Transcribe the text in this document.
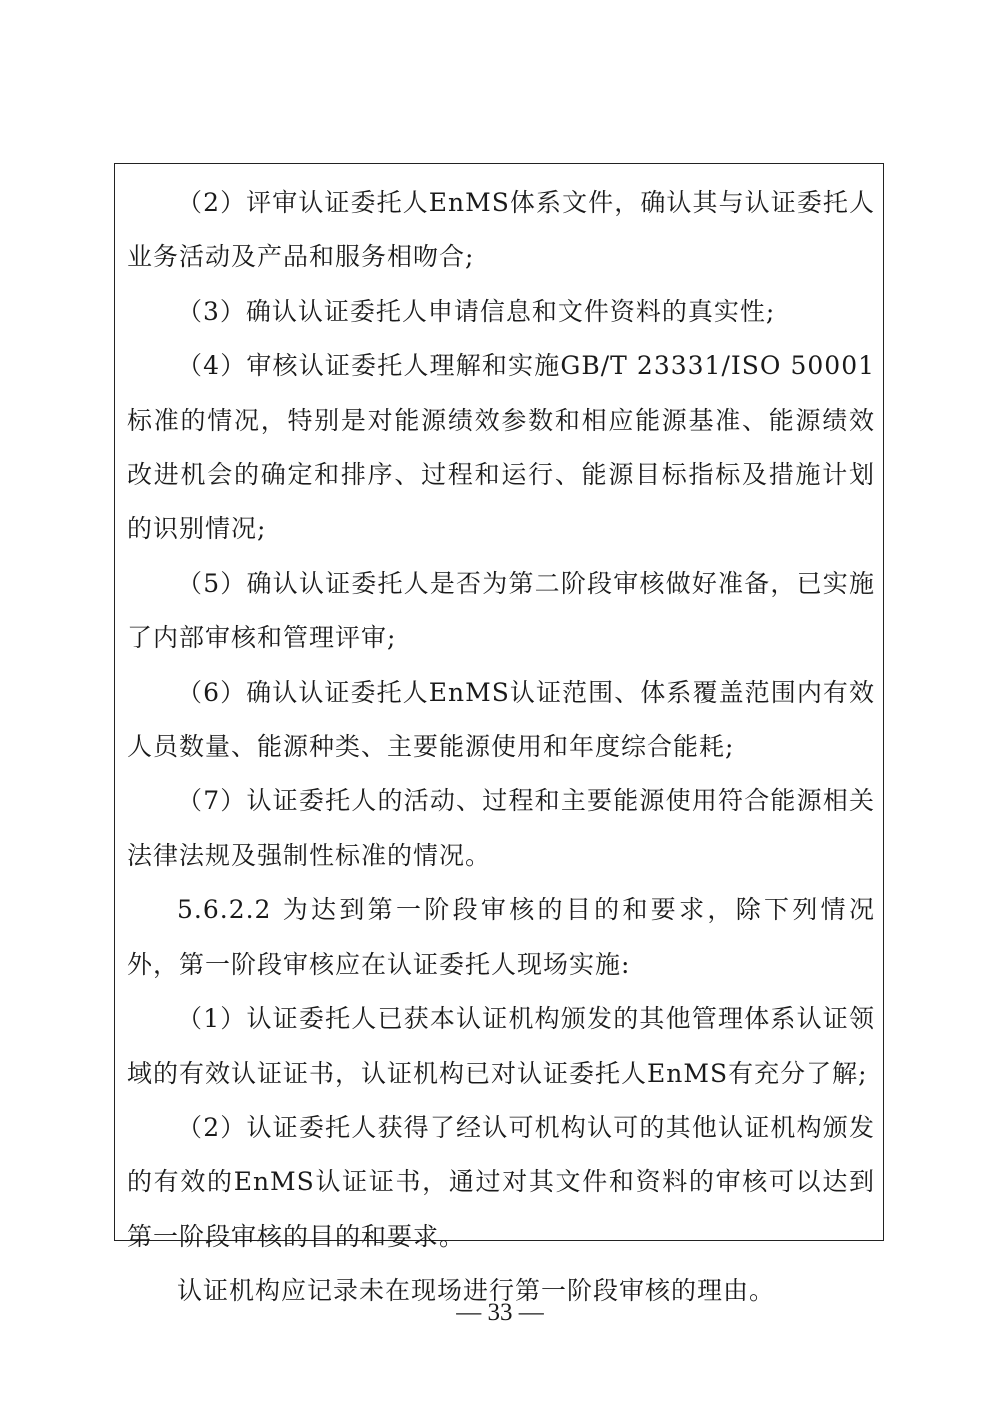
（2）评审认证委托人EnMS体系文件，确认其与认证委托人业务活动及产品和服务相吻合;

（3）确认认证委托人申请信息和文件资料的真实性;

（4）审核认证委托人理解和实施GB/T 23331/ISO 50001标准的情况，特别是对能源绩效参数和相应能源基准、能源绩效改进机会的确定和排序、过程和运行、能源目标指标及措施计划的识别情况;

（5）确认认证委托人是否为第二阶段审核做好准备，已实施了内部审核和管理评审;

（6）确认认证委托人EnMS认证范围、体系覆盖范围内有效人员数量、能源种类、主要能源使用和年度综合能耗;

（7）认证委托人的活动、过程和主要能源使用符合能源相关法律法规及强制性标准的情况。

5.6.2.2 为达到第一阶段审核的目的和要求，除下列情况外，第一阶段审核应在认证委托人现场实施:

（1）认证委托人已获本认证机构颁发的其他管理体系认证领域的有效认证证书，认证机构已对认证委托人EnMS有充分了解;

（2）认证委托人获得了经认可机构认可的其他认证机构颁发的有效的EnMS认证证书，通过对其文件和资料的审核可以达到第一阶段审核的目的和要求。

认证机构应记录未在现场进行第一阶段审核的理由。

— 33 —
